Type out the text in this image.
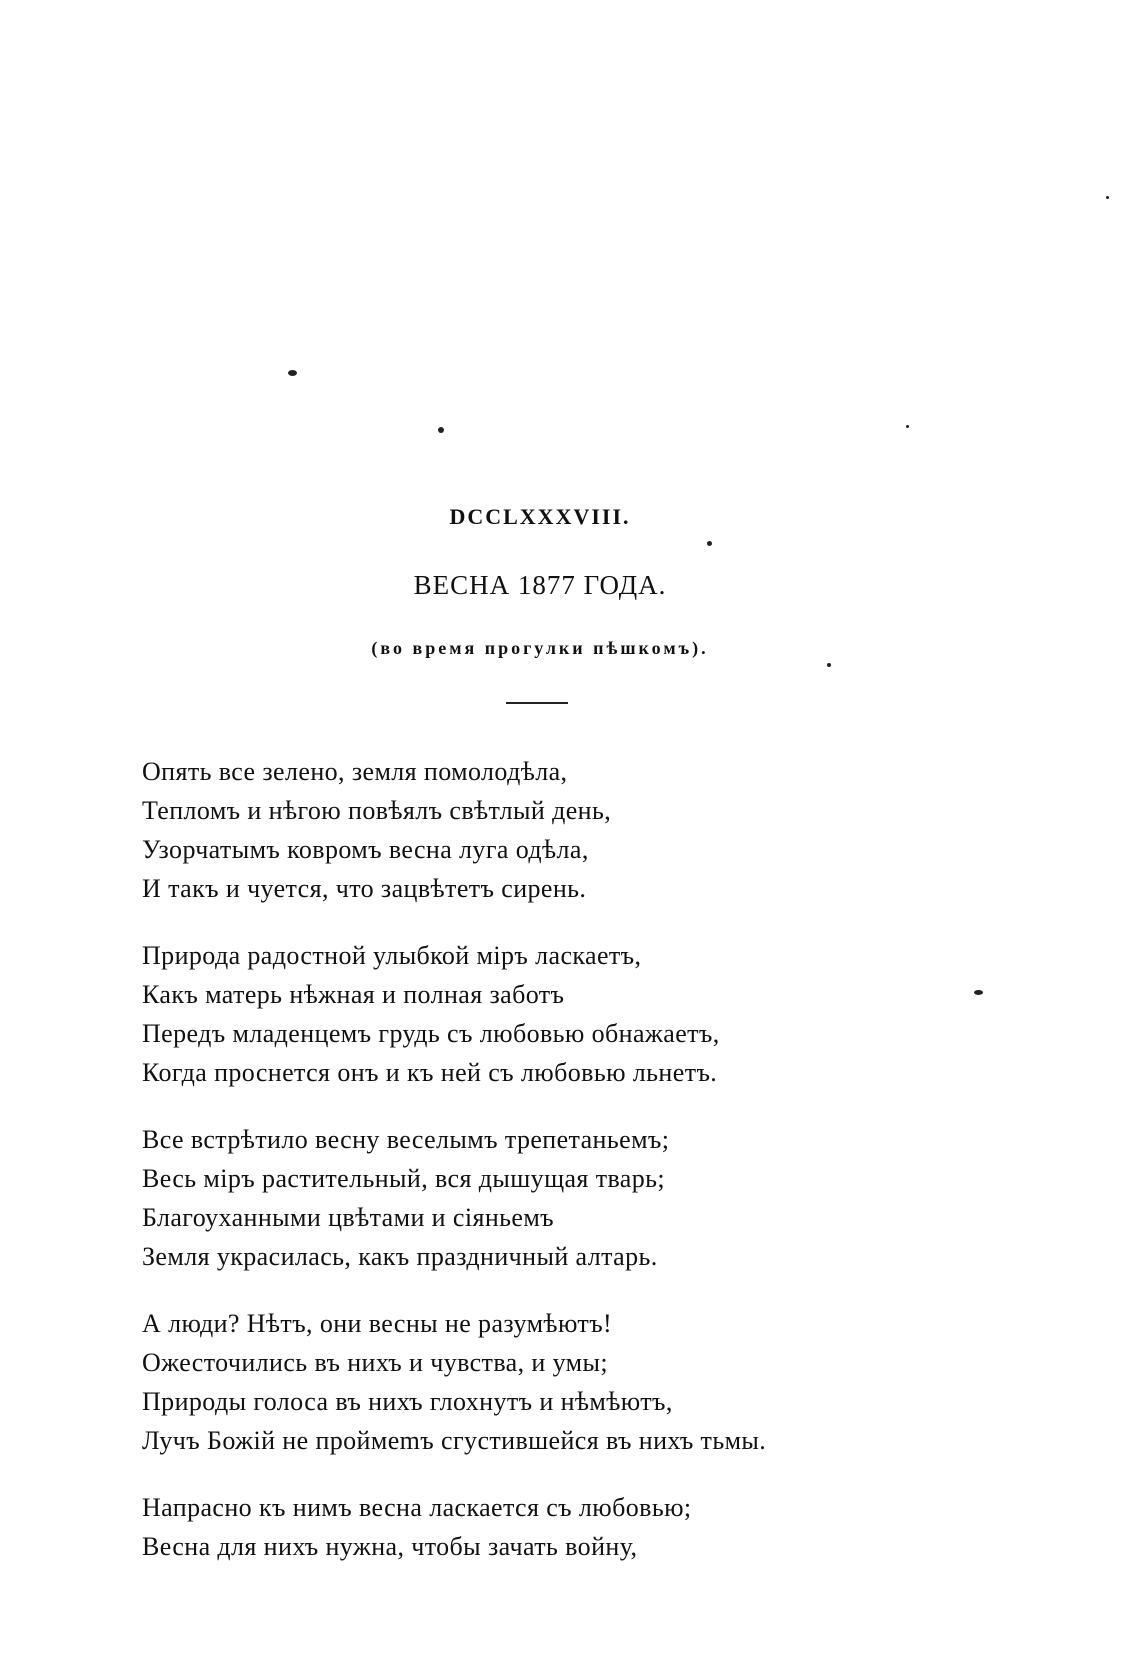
DCCLXXXVIII.
ВЕСНА 1877 ГОДА.
(во время прогулки пѣшкомъ).
Опять все зелено, земля помолодѣла,
Тепломъ и нѣгою повѣялъ свѣтлый день,
Узорчатымъ ковромъ весна луга одѣла,
И такъ и чуется, что зацвѣтетъ сирень.
Природа радостной улыбкой міръ ласкаетъ,
Какъ матерь нѣжная и полная заботъ
Передъ младенцемъ грудь съ любовью обнажаетъ,
Когда проснется онъ и къ ней съ любовью льнетъ.
Все встрѣтило весну веселымъ трепетаньемъ;
Весь міръ растительный, вся дышущая тварь;
Благоуханными цвѣтами и сіяньемъ
Земля украсилась, какъ праздничный алтарь.
А люди? Нѣтъ, они весны не разумѣютъ!
Ожесточились въ нихъ и чувства, и умы;
Природы голоса въ нихъ глохнутъ и нѣмѣютъ,
Лучъ Божій не проймеmъ сгустившейся въ нихъ тьмы.
Напрасно къ нимъ весна ласкается съ любовью;
Весна для нихъ нужна, чтобы зачать войну,
